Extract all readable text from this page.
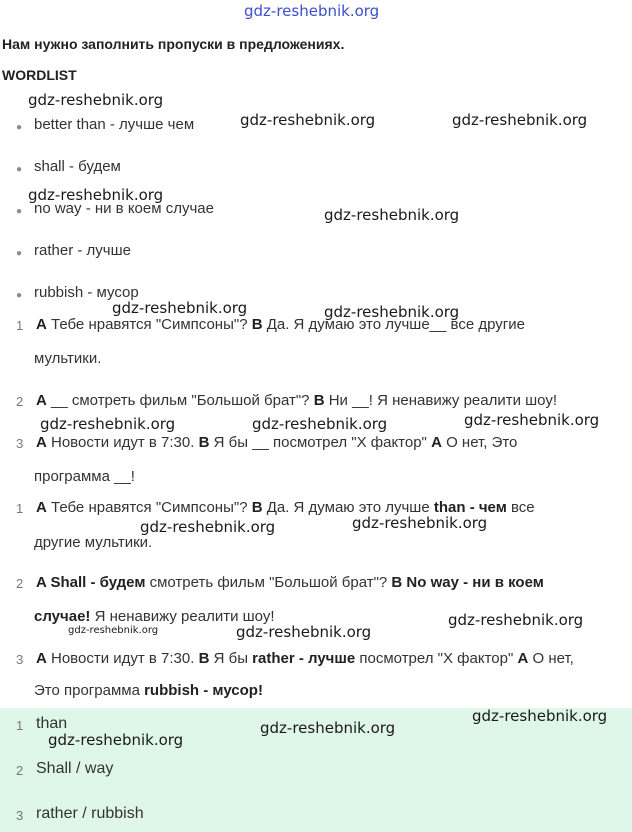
gdz-reshebnik.org
Нам нужно заполнить пропуски в предложениях.
WORDLIST
● better than - лучше чем
● shall - будем
● no way - ни в коем случае
● rather - лучше
● rubbish - мусор
1 A Тебе нравятся "Симпсоны"? B Да. Я думаю это лучше__ все другие
мультики.
2 A __ смотреть фильм "Большой брат"? B Ни __! Я ненавижу реалити шоу!
3 A Новости идут в 7:30. B Я бы __ посмотрел "Х фактор" A О нет, Это
программа __!
1 A Тебе нравятся "Симпсоны"? B Да. Я думаю это лучше than - чем все
другие мультики.
2 A Shall - будем смотреть фильм "Большой брат"? B No way - ни в коем
случае! Я ненавижу реалити шоу!
3 A Новости идут в 7:30. B Я бы rather - лучше посмотрел "Х фактор" A О нет,
Это программа rubbish - мусор!
1 than
2 Shall / way
3 rather / rubbish
gdz-reshebnik.org
gdz-reshebnik.org	gdz-reshebnik.org
gdz-reshebnik.org
gdz-reshebnik.org
gdz-reshebnik.org	gdz-reshebnik.org
gdz-reshebnik.org
gdz-reshebnik.org	gdz-reshebnik.org
gdz-reshebnik.org
gdz-reshebnik.org
gdz-reshebnik.org
gdz-reshebnik.org	gdz-reshebnik.org
gdz-reshebnik.org
gdz-reshebnik.org
gdz-reshebnik.org
